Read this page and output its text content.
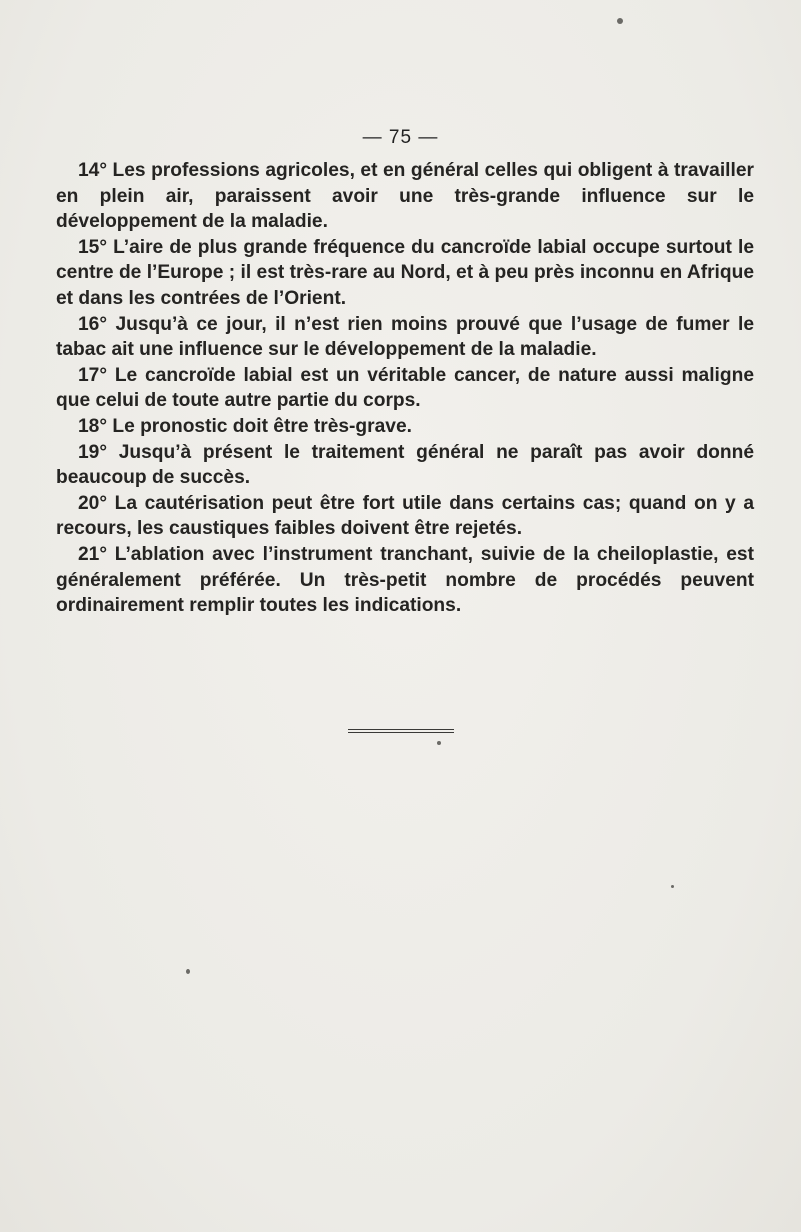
— 75 —

14° Les professions agricoles, et en général celles qui obligent à travailler en plein air, paraissent avoir une très-grande influence sur le développement de la maladie.

15° L’aire de plus grande fréquence du cancroïde labial occupe surtout le centre de l’Europe ; il est très-rare au Nord, et à peu près inconnu en Afrique et dans les contrées de l’Orient.

16° Jusqu’à ce jour, il n’est rien moins prouvé que l’usage de fumer le tabac ait une influence sur le développement de la maladie.

17° Le cancroïde labial est un véritable cancer, de nature aussi maligne que celui de toute autre partie du corps.

18° Le pronostic doit être très-grave.

19° Jusqu’à présent le traitement général ne paraît pas avoir donné beaucoup de succès.

20° La cautérisation peut être fort utile dans certains cas; quand on y a recours, les caustiques faibles doivent être rejetés.

21° L’ablation avec l’instrument tranchant, suivie de la cheiloplastie, est généralement préférée. Un très-petit nombre de procédés peuvent ordinairement remplir toutes les indications.
